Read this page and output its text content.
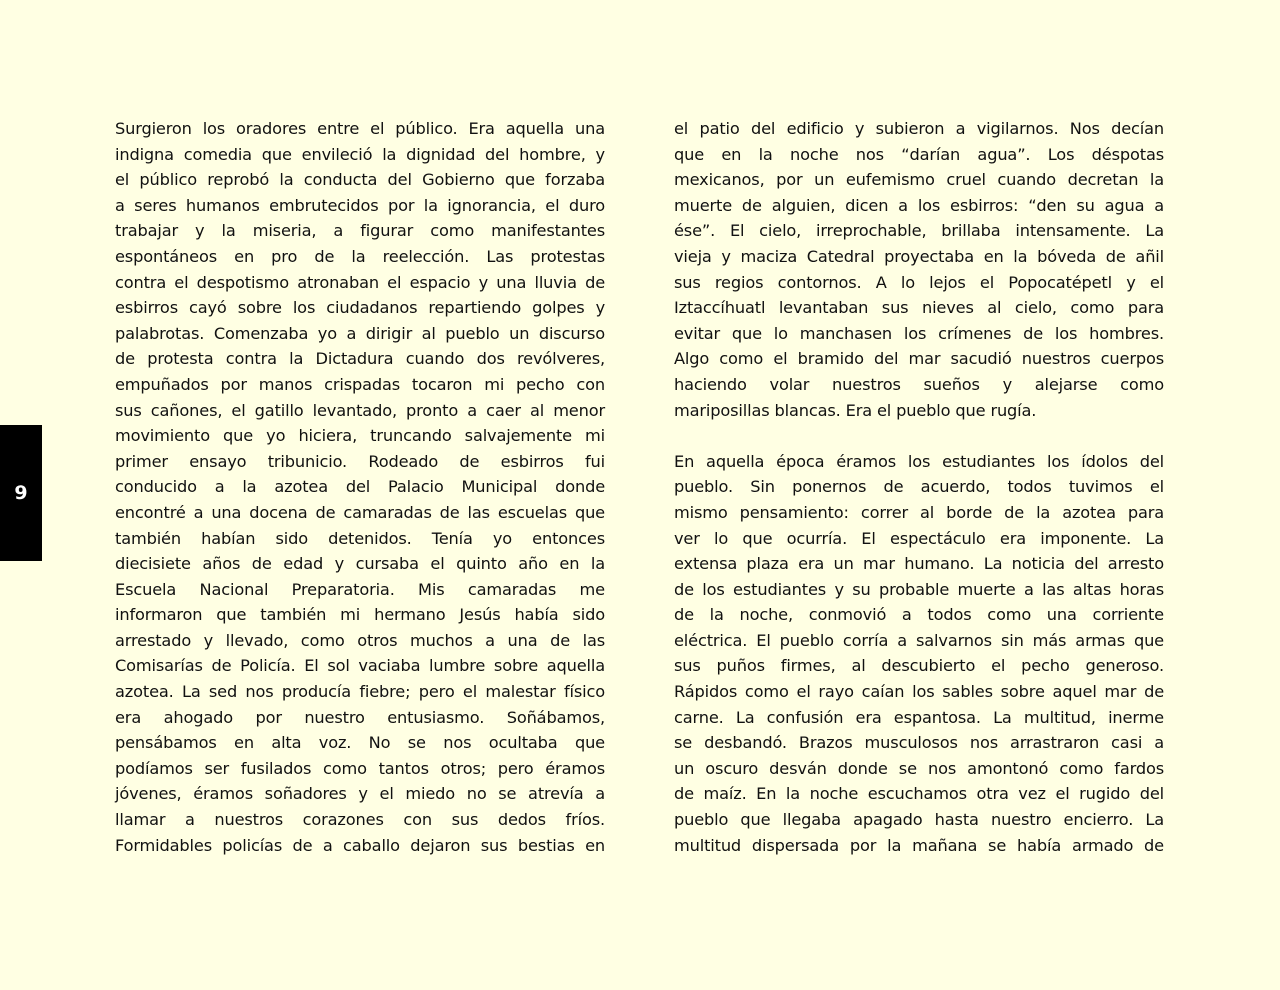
9
Surgieron los oradores entre el público. Era aquella una
indigna comedia que envileció la dignidad del hombre, y
el público reprobó la conducta del Gobierno que forzaba
a seres humanos embrutecidos por la ignorancia, el duro
trabajar y la miseria, a figurar como manifestantes
espontáneos en pro de la reelección. Las protestas
contra el despotismo atronaban el espacio y una lluvia de
esbirros cayó sobre los ciudadanos repartiendo golpes y
palabrotas. Comenzaba yo a dirigir al pueblo un discurso
de protesta contra la Dictadura cuando dos revólveres,
empuñados por manos crispadas tocaron mi pecho con
sus cañones, el gatillo levantado, pronto a caer al menor
movimiento que yo hiciera, truncando salvajemente mi
primer ensayo tribunicio. Rodeado de esbirros fui
conducido a la azotea del Palacio Municipal donde
encontré a una docena de camaradas de las escuelas que
también habían sido detenidos. Tenía yo entonces
diecisiete años de edad y cursaba el quinto año en la
Escuela Nacional Preparatoria. Mis camaradas me
informaron que también mi hermano Jesús había sido
arrestado y llevado, como otros muchos a una de las
Comisarías de Policía. El sol vaciaba lumbre sobre aquella
azotea. La sed nos producía fiebre; pero el malestar físico
era ahogado por nuestro entusiasmo. Soñábamos,
pensábamos en alta voz. No se nos ocultaba que
podíamos ser fusilados como tantos otros; pero éramos
jóvenes, éramos soñadores y el miedo no se atrevía a
llamar a nuestros corazones con sus dedos fríos.
Formidables policías de a caballo dejaron sus bestias en
el patio del edificio y subieron a vigilarnos. Nos decían
que en la noche nos “darían agua”. Los déspotas
mexicanos, por un eufemismo cruel cuando decretan la
muerte de alguien, dicen a los esbirros: “den su agua a
ése”. El cielo, irreprochable, brillaba intensamente. La
vieja y maciza Catedral proyectaba en la bóveda de añil
sus regios contornos. A lo lejos el Popocatépetl y el
Iztaccíhuatl levantaban sus nieves al cielo, como para
evitar que lo manchasen los crímenes de los hombres.
Algo como el bramido del mar sacudió nuestros cuerpos
haciendo volar nuestros sueños y alejarse como
mariposillas blancas. Era el pueblo que rugía.
En aquella época éramos los estudiantes los ídolos del
pueblo. Sin ponernos de acuerdo, todos tuvimos el
mismo pensamiento: correr al borde de la azotea para
ver lo que ocurría. El espectáculo era imponente. La
extensa plaza era un mar humano. La noticia del arresto
de los estudiantes y su probable muerte a las altas horas
de la noche, conmovió a todos como una corriente
eléctrica. El pueblo corría a salvarnos sin más armas que
sus puños firmes, al descubierto el pecho generoso.
Rápidos como el rayo caían los sables sobre aquel mar de
carne. La confusión era espantosa. La multitud, inerme
se desbandó. Brazos musculosos nos arrastraron casi a
un oscuro desván donde se nos amontonó como fardos
de maíz. En la noche escuchamos otra vez el rugido del
pueblo que llegaba apagado hasta nuestro encierro. La
multitud dispersada por la mañana se había armado de
